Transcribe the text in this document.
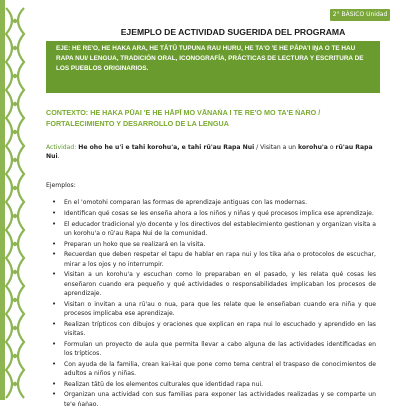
2° BÁSICO Unidad 3
EJEMPLO DE ACTIVIDAD SUGERIDA DEL PROGRAMA

EJE: HE RE'O, HE HAKA ARA, HE TĀTŪ TUPUNA RAU HURU, HE TA'O 'E HE PĀPA'I IṈA O TE HAU RAPA NUI/ LENGUA, TRADICIÓN ORAL, ICONOGRAFÍA, PRÁCTICAS DE LECTURA Y ESCRITURA DE LOS PUEBLOS ORIGINARIOS.

CONTEXTO: HE HAKA PŪAI 'E HE HĀPĪ MO VĀNAṄA I TE RE'O MO TA'E ṄARO / FORTALECIMIENTO Y DESARROLLO DE LA LENGUA
Actividad: He oho he u'i e tahi korohu'a, e tahi rū'au Rapa Nui / Visitan a un korohu'a o rū'au Rapa Nui.
Ejemplos:
• En el 'omotohi comparan las formas de aprendizaje antiguas con las modernas.
• Identifican qué cosas se les enseña ahora a los niños y niñas y qué procesos implica ese aprendizaje.
• El educador tradicional y/o docente y los directivos del establecimiento gestionan y organizan visita a un korohu'a o rū'au Rapa Nui de la comunidad.
• Preparan un hoko que se realizará en la visita.
• Recuerdan que deben respetar el tapu de hablar en rapa nui y los tika aṅa o protocolos de escuchar, mirar a los ojos y no interrumpir.
• Visitan a un korohu'a y escuchan como lo preparaban en el pasado, y les relata qué cosas les enseñaron cuando era pequeño y qué actividades o responsabilidades implicaban los procesos de aprendizaje.
• Visitan o invitan a una rū'au o nua, para que les relate que le enseñaban cuando era niña y que procesos implicaba ese aprendizaje.
• Realizan trípticos con dibujos y oraciones que explican en rapa nui lo escuchado y aprendido en las visitas.
• Formulan un proyecto de aula que permita llevar a cabo alguna de las actividades identificadas en los trípticos.
• Con ayuda de la familia, crean kai-kai que pone como tema central el traspaso de conocimientos de adultos a niños y niñas.
• Realizan tātū de los elementos culturales que identidad rapa nui.
• Organizan una actividad con sus familias para exponer las actividades realizadas y se comparte un te'e ṅaṅao.
